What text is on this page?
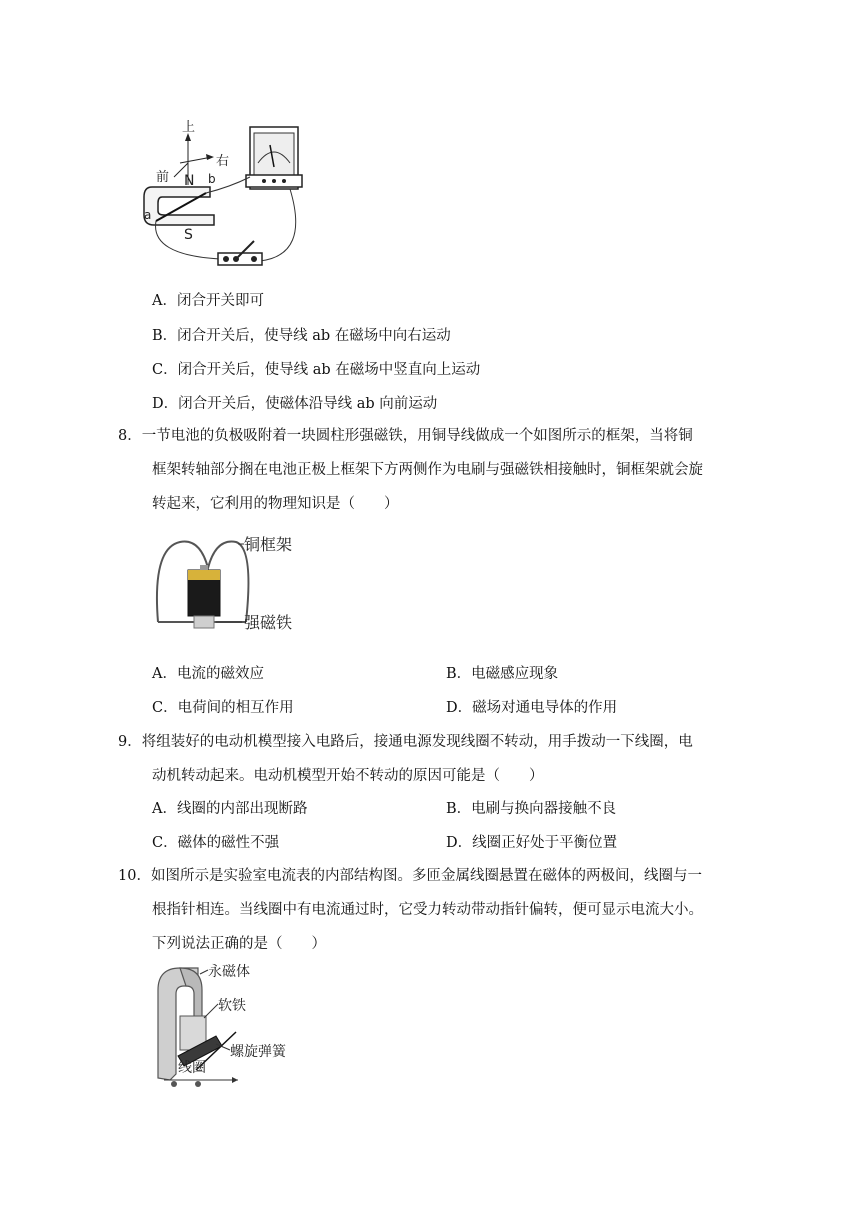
上
右
前 N
S
a
b
A．闭合开关即可
B．闭合开关后，使导线 ab 在磁场中向右运动
C．闭合开关后，使导线 ab 在磁场中竖直向上运动
D．闭合开关后，使磁体沿导线 ab 向前运动
8．一节电池的负极吸附着一块圆柱形强磁铁，用铜导线做成一个如图所示的框架，当将铜
框架转轴部分搁在电池正极上框架下方两侧作为电刷与强磁铁相接触时，铜框架就会旋
转起来，它利用的物理知识是（　　）
铜框架
强磁铁
A．电流的磁效应	B．电磁感应现象
C．电荷间的相互作用	D．磁场对通电导体的作用
9．将组装好的电动机模型接入电路后，接通电源发现线圈不转动，用手拨动一下线圈，电
动机转动起来。电动机模型开始不转动的原因可能是（　　）
A．线圈的内部出现断路	B．电刷与换向器接触不良
C．磁体的磁性不强	D．线圈正好处于平衡位置
10．如图所示是实验室电流表的内部结构图。多匝金属线圈悬置在磁体的两极间，线圈与一
根指针相连。当线圈中有电流通过时，它受力转动带动指针偏转，便可显示电流大小。
下列说法正确的是（　　）
永磁体
软铁
螺旋弹簧
线圈
